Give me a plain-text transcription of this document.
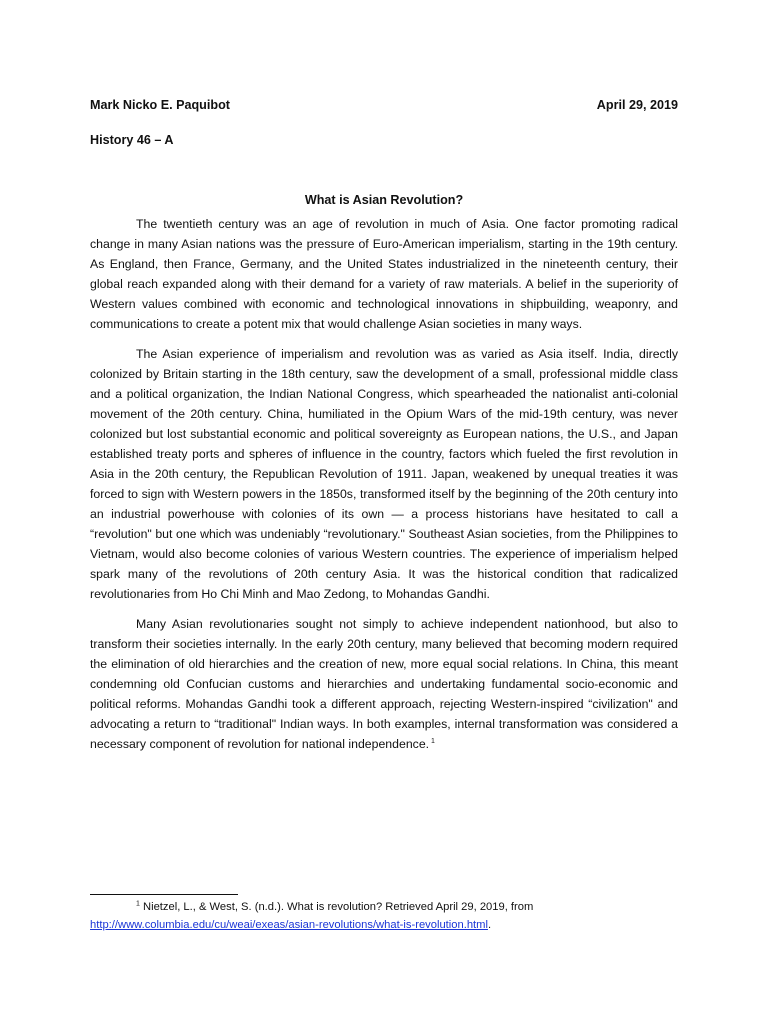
Mark Nicko E. Paquibot	April 29, 2019
History 46 – A
What is Asian Revolution?

The twentieth century was an age of revolution in much of Asia. One factor promoting radical change in many Asian nations was the pressure of Euro-American imperialism, starting in the 19th century. As England, then France, Germany, and the United States industrialized in the nineteenth century, their global reach expanded along with their demand for a variety of raw materials. A belief in the superiority of Western values combined with economic and technological innovations in shipbuilding, weaponry, and communications to create a potent mix that would challenge Asian societies in many ways.

The Asian experience of imperialism and revolution was as varied as Asia itself. India, directly colonized by Britain starting in the 18th century, saw the development of a small, professional middle class and a political organization, the Indian National Congress, which spearheaded the nationalist anti-colonial movement of the 20th century. China, humiliated in the Opium Wars of the mid-19th century, was never colonized but lost substantial economic and political sovereignty as European nations, the U.S., and Japan established treaty ports and spheres of influence in the country, factors which fueled the first revolution in Asia in the 20th century, the Republican Revolution of 1911. Japan, weakened by unequal treaties it was forced to sign with Western powers in the 1850s, transformed itself by the beginning of the 20th century into an industrial powerhouse with colonies of its own — a process historians have hesitated to call a “revolution" but one which was undeniably “revolutionary." Southeast Asian societies, from the Philippines to Vietnam, would also become colonies of various Western countries. The experience of imperialism helped spark many of the revolutions of 20th century Asia. It was the historical condition that radicalized revolutionaries from Ho Chi Minh and Mao Zedong, to Mohandas Gandhi.

Many Asian revolutionaries sought not simply to achieve independent nationhood, but also to transform their societies internally. In the early 20th century, many believed that becoming modern required the elimination of old hierarchies and the creation of new, more equal social relations. In China, this meant condemning old Confucian customs and hierarchies and undertaking fundamental socio-economic and political reforms. Mohandas Gandhi took a different approach, rejecting Western-inspired “civilization" and advocating a return to “traditional" Indian ways. In both examples, internal transformation was considered a necessary component of revolution for national independence. $^1$

$^1$ Nietzel, L., & West, S. (n.d.). What is revolution? Retrieved April 29, 2019, from
http://www.columbia.edu/cu/weai/exeas/asian-revolutions/what-is-revolution.html.
